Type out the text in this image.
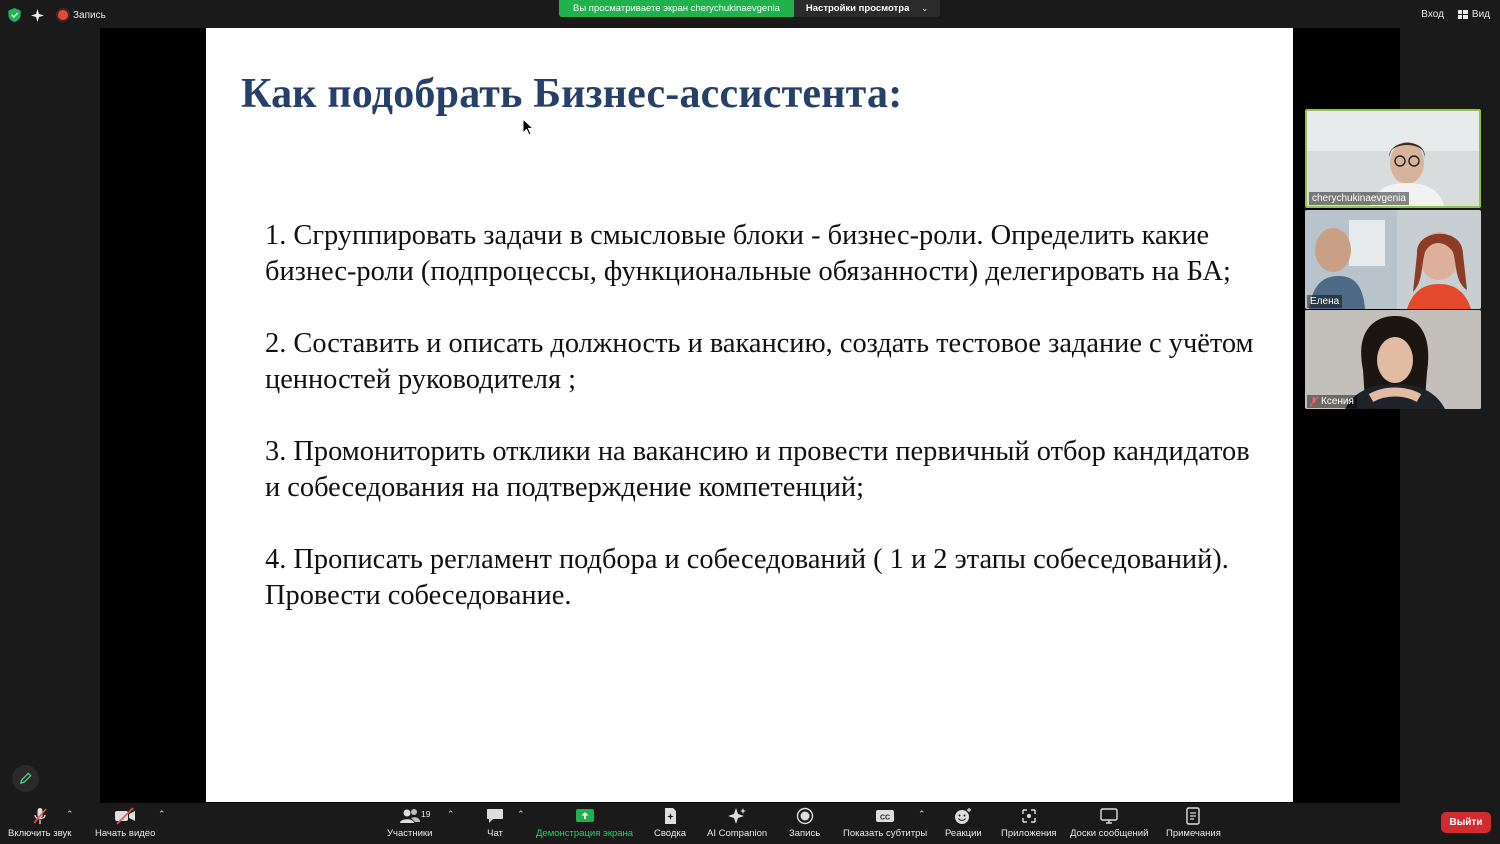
Запись
Вы просматриваете экран cherychukinaevgenia	Настройки просмотра ⌄
Вход	Вид
Как подобрать Бизнес-ассистента:

1. Сгруппировать задачи в смысловые блоки - бизнес-роли. Определить какие бизнес-роли (подпроцессы, функциональные обязанности) делегировать на БА;

2. Составить и описать должность и вакансию, создать тестовое задание с учётом ценностей руководителя ;

3. Промониторить отклики на вакансию и провести первичный отбор кандидатов и собеседования на подтверждение компетенций;

4. Прописать регламент подбора и собеседований ( 1 и 2 этапы собеседований). Провести собеседование.

cherychukinaevgenia
Елена
Ксения
Включить звук
⌃
Начать видео
⌃
Участники
19 ⌃
Чат
⌃
Демонстрация экрана Сводка AI Companion Запись
CC
Показать субтитры
⌃
Реакции Приложения Доски сообщений Примечания
Выйти
